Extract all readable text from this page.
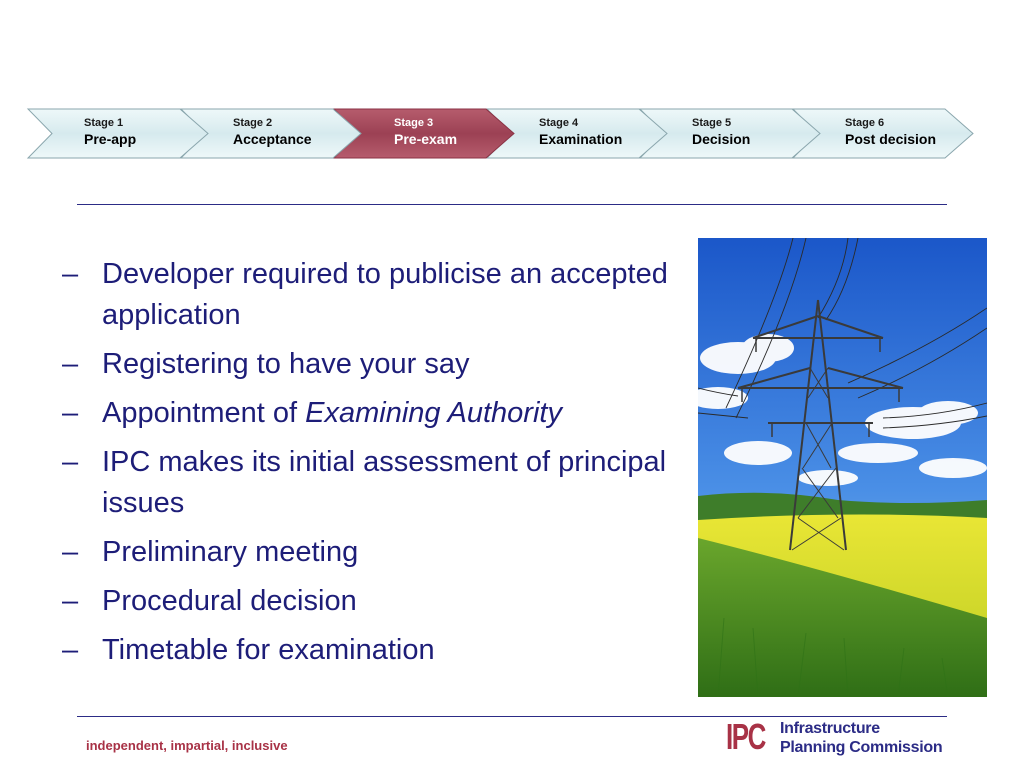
Stage 1
Pre-app
Stage 2
Acceptance
Stage 3
Pre-exam
Stage 4
Examination
Stage 5
Decision
Stage 6
Post decision
– Developer required to publicise an accepted application
– Registering to have your say
– Appointment of Examining Authority
– IPC makes its initial assessment of principal issues
– Preliminary meeting
– Procedural decision
– Timetable for examination
independent, impartial, inclusive	IPC Infrastructure
Planning Commission
